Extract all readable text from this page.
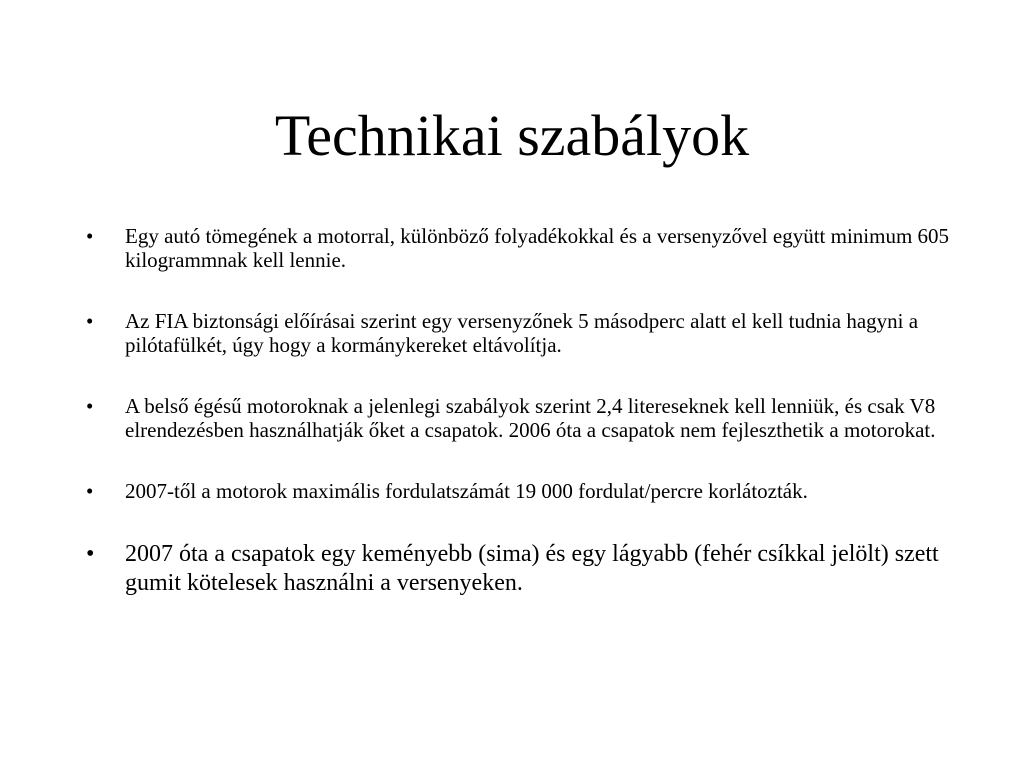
Technikai szabályok
•	Egy autó tömegének a motorral, különböző folyadékokkal és a versenyzővel együtt minimum 605 kilogrammnak kell lennie.
•	Az FIA biztonsági előírásai szerint egy versenyzőnek 5 másodperc alatt el kell tudnia hagyni a pilótafülkét, úgy hogy a kormánykereket eltávolítja.
•	A belső égésű motoroknak a jelenlegi szabályok szerint 2,4 litereseknek kell lenniük, és csak V8 elrendezésben használhatják őket a csapatok. 2006 óta a csapatok nem fejleszthetik a motorokat.
•	2007-től a motorok maximális fordulatszámát 19 000 fordulat/percre korlátozták.
•	2007 óta a csapatok egy keményebb (sima) és egy lágyabb (fehér csíkkal jelölt) szett gumit kötelesek használni a versenyeken.
